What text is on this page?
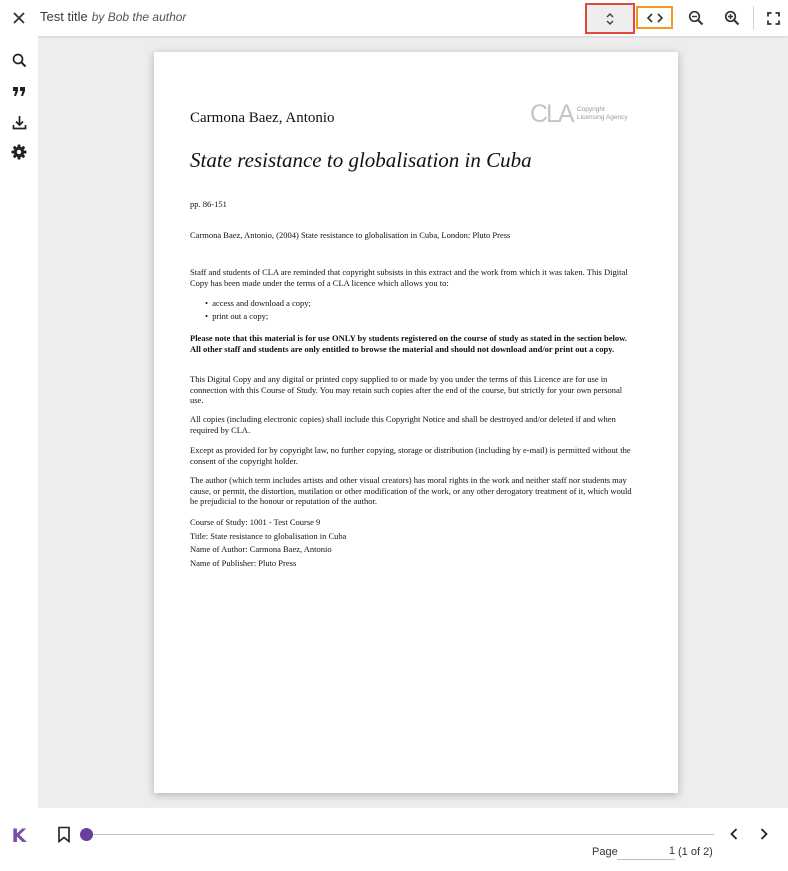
Test title by Bob the author
K
Carmona Baez, Antonio	CLA Copyright
Licensing Agency
State resistance to globalisation in Cuba
pp. 86-151
Carmona Baez, Antonio, (2004) State resistance to globalisation in Cuba, London: Pluto Press
Staff and students of CLA are reminded that copyright subsists in this extract and the work from which it was taken. This Digital Copy has been made under the terms of a CLA licence which allows you to:
•  access and download a copy;
•  print out a copy;
Please note that this material is for use ONLY by students registered on the course of study as stated in the section below. All other staff and students are only entitled to browse the material and should not download and/or print out a copy.
This Digital Copy and any digital or printed copy supplied to or made by you under the terms of this Licence are for use in connection with this Course of Study. You may retain such copies after the end of the course, but strictly for your own personal use.
All copies (including electronic copies) shall include this Copyright Notice and shall be destroyed and/or deleted if and when required by CLA.
Except as provided for by copyright law, no further copying, storage or distribution (including by e-mail) is permitted without the consent of the copyright holder.
The author (which term includes artists and other visual creators) has moral rights in the work and neither staff nor students may cause, or permit, the distortion, mutilation or other modification of the work, or any other derogatory treatment of it, which would be prejudicial to the honour or reputation of the author.
Course of Study: 1001 - Test Course 9
Title: State resistance to globalisation in Cuba
Name of Author: Carmona Baez, Antonio
Name of Publisher: Pluto Press
Page
1	(1 of 2)
